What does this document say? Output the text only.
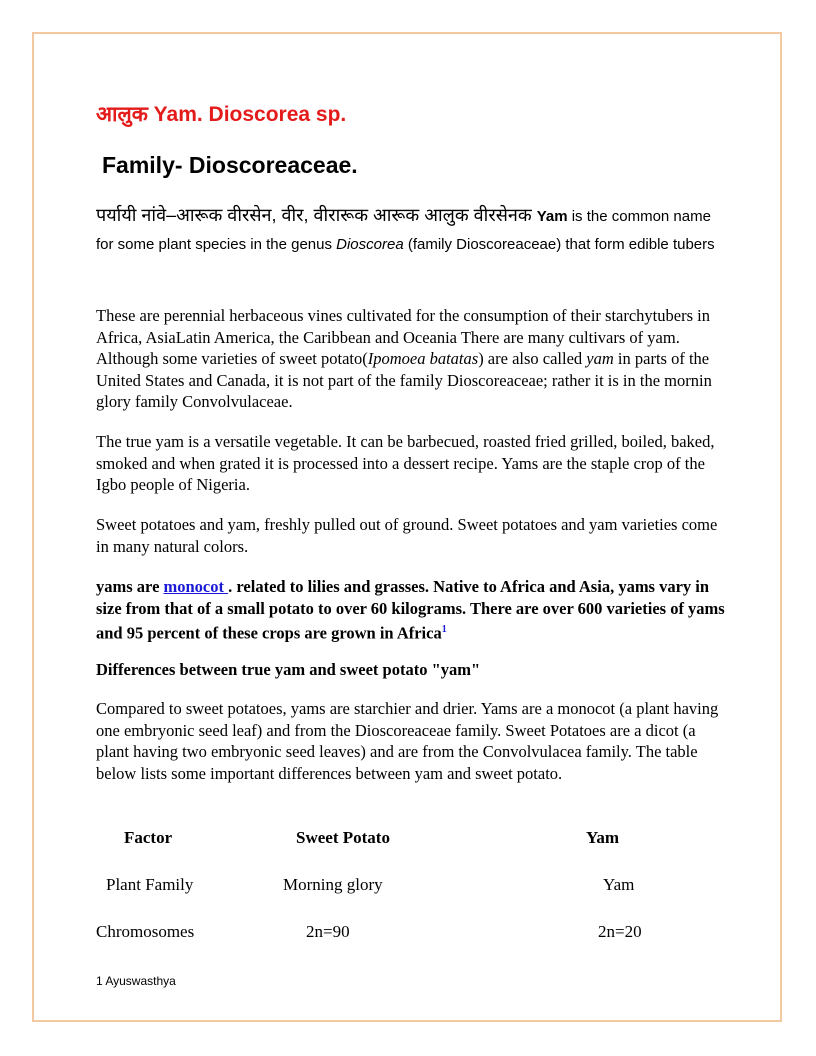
आलुक Yam. Dioscorea sp.
Family- Dioscoreaceae.

पर्यायी नांवे–आरूक वीरसेन, वीर, वीरारूक आरूक आलुक वीरसेनक Yam is the common name for some plant species in the genus Dioscorea (family Dioscoreaceae) that form edible tubers

These are perennial herbaceous vines cultivated for the consumption of their starchytubers in Africa, AsiaLatin America, the Caribbean and Oceania There are many cultivars of yam. Although some varieties of sweet potato(Ipomoea batatas) are also called yam in parts of the United States and Canada, it is not part of the family Dioscoreaceae; rather it is in the mornin glory family Convolvulaceae.

The true yam is a versatile vegetable. It can be barbecued, roasted fried grilled, boiled, baked, smoked and when grated it is processed into a dessert recipe. Yams are the staple crop of the Igbo people of Nigeria.

Sweet potatoes and yam, freshly pulled out of ground. Sweet potatoes and yam varieties come in many natural colors.

yams are monocot . related to lilies and grasses. Native to Africa and Asia, yams vary in size from that of a small potato to over 60 kilograms. There are over 600 varieties of yams and 95 percent of these crops are grown in Africa$^1$

Differences between true yam and sweet potato "yam"

Compared to sweet potatoes, yams are starchier and drier. Yams are a monocot (a plant having one embryonic seed leaf) and from the Dioscoreaceae family. Sweet Potatoes are a dicot (a plant having two embryonic seed leaves) and are from the Convolvulacea family. The table below lists some important differences between yam and sweet potato.

Factor	Sweet Potato	Yam
Plant Family	Morning glory	Yam
Chromosomes	2n=90	2n=20

1 Ayuswasthya
